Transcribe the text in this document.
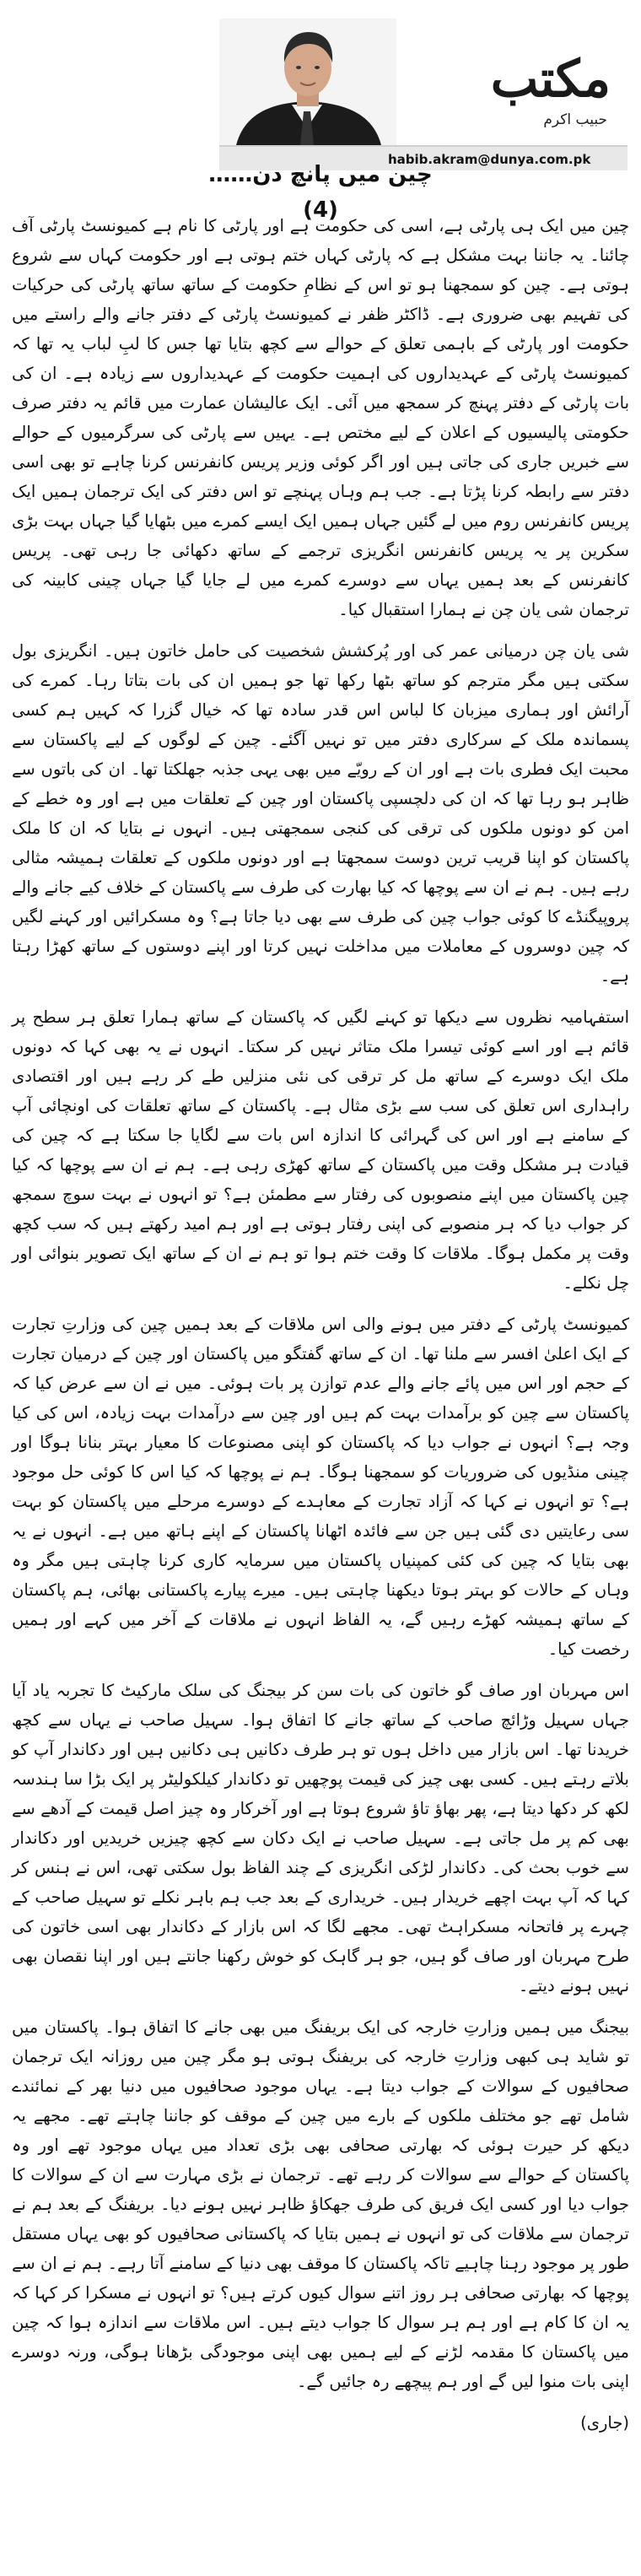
مکتب
حبیب اکرم
habib.akram@dunya.com.pk
چین میں پانچ دن……(4)

چین میں ایک ہی پارٹی ہے، اسی کی حکومت ہے اور پارٹی کا نام ہے کمیونسٹ پارٹی آف چائنا۔ یہ جاننا بہت مشکل ہے کہ پارٹی کہاں ختم ہوتی ہے اور حکومت کہاں سے شروع ہوتی ہے۔ چین کو سمجھنا ہو تو اس کے نظامِ حکومت کے ساتھ ساتھ پارٹی کی حرکیات کی تفہیم بھی ضروری ہے۔ ڈاکٹر ظفر نے کمیونسٹ پارٹی کے دفتر جانے والے راستے میں حکومت اور پارٹی کے باہمی تعلق کے حوالے سے کچھ بتایا تھا جس کا لبِ لباب یہ تھا کہ کمیونسٹ پارٹی کے عہدیداروں کی اہمیت حکومت کے عہدیداروں سے زیادہ ہے۔ ان کی بات پارٹی کے دفتر پہنچ کر سمجھ میں آئی۔ ایک عالیشان عمارت میں قائم یہ دفتر صرف حکومتی پالیسیوں کے اعلان کے لیے مختص ہے۔ یہیں سے پارٹی کی سرگرمیوں کے حوالے سے خبریں جاری کی جاتی ہیں اور اگر کوئی وزیر پریس کانفرنس کرنا چاہے تو بھی اسی دفتر سے رابطہ کرنا پڑتا ہے۔ جب ہم وہاں پہنچے تو اس دفتر کی ایک ترجمان ہمیں ایک پریس کانفرنس روم میں لے گئیں جہاں ہمیں ایک ایسے کمرے میں بٹھایا گیا جہاں بہت بڑی سکرین پر یہ پریس کانفرنس انگریزی ترجمے کے ساتھ دکھائی جا رہی تھی۔ پریس کانفرنس کے بعد ہمیں یہاں سے دوسرے کمرے میں لے جایا گیا جہاں چینی کابینہ کی ترجمان شی یان چن نے ہمارا استقبال کیا۔

شی یان چن درمیانی عمر کی اور پُرکشش شخصیت کی حامل خاتون ہیں۔ انگریزی بول سکتی ہیں مگر مترجم کو ساتھ بٹھا رکھا تھا جو ہمیں ان کی بات بتاتا رہا۔ کمرے کی آرائش اور ہماری میزبان کا لباس اس قدر سادہ تھا کہ خیال گزرا کہ کہیں ہم کسی پسماندہ ملک کے سرکاری دفتر میں تو نہیں آگئے۔ چین کے لوگوں کے لیے پاکستان سے محبت ایک فطری بات ہے اور ان کے رویّے میں بھی یہی جذبہ جھلکتا تھا۔ ان کی باتوں سے ظاہر ہو رہا تھا کہ ان کی دلچسپی پاکستان اور چین کے تعلقات میں ہے اور وہ خطے کے امن کو دونوں ملکوں کی ترقی کی کنجی سمجھتی ہیں۔ انہوں نے بتایا کہ ان کا ملک پاکستان کو اپنا قریب ترین دوست سمجھتا ہے اور دونوں ملکوں کے تعلقات ہمیشہ مثالی رہے ہیں۔ ہم نے ان سے پوچھا کہ کیا بھارت کی طرف سے پاکستان کے خلاف کیے جانے والے پروپیگنڈے کا کوئی جواب چین کی طرف سے بھی دیا جاتا ہے؟ وہ مسکرائیں اور کہنے لگیں کہ چین دوسروں کے معاملات میں مداخلت نہیں کرتا اور اپنے دوستوں کے ساتھ کھڑا رہتا ہے۔

استفہامیہ نظروں سے دیکھا تو کہنے لگیں کہ پاکستان کے ساتھ ہمارا تعلق ہر سطح پر قائم ہے اور اسے کوئی تیسرا ملک متاثر نہیں کر سکتا۔ انہوں نے یہ بھی کہا کہ دونوں ملک ایک دوسرے کے ساتھ مل کر ترقی کی نئی منزلیں طے کر رہے ہیں اور اقتصادی راہداری اس تعلق کی سب سے بڑی مثال ہے۔ پاکستان کے ساتھ تعلقات کی اونچائی آپ کے سامنے ہے اور اس کی گہرائی کا اندازہ اس بات سے لگایا جا سکتا ہے کہ چین کی قیادت ہر مشکل وقت میں پاکستان کے ساتھ کھڑی رہی ہے۔ ہم نے ان سے پوچھا کہ کیا چین پاکستان میں اپنے منصوبوں کی رفتار سے مطمئن ہے؟ تو انہوں نے بہت سوچ سمجھ کر جواب دیا کہ ہر منصوبے کی اپنی رفتار ہوتی ہے اور ہم امید رکھتے ہیں کہ سب کچھ وقت پر مکمل ہوگا۔ ملاقات کا وقت ختم ہوا تو ہم نے ان کے ساتھ ایک تصویر بنوائی اور چل نکلے۔

کمیونسٹ پارٹی کے دفتر میں ہونے والی اس ملاقات کے بعد ہمیں چین کی وزارتِ تجارت کے ایک اعلیٰ افسر سے ملنا تھا۔ ان کے ساتھ گفتگو میں پاکستان اور چین کے درمیان تجارت کے حجم اور اس میں پائے جانے والے عدم توازن پر بات ہوئی۔ میں نے ان سے عرض کیا کہ پاکستان سے چین کو برآمدات بہت کم ہیں اور چین سے درآمدات بہت زیادہ، اس کی کیا وجہ ہے؟ انہوں نے جواب دیا کہ پاکستان کو اپنی مصنوعات کا معیار بہتر بنانا ہوگا اور چینی منڈیوں کی ضروریات کو سمجھنا ہوگا۔ ہم نے پوچھا کہ کیا اس کا کوئی حل موجود ہے؟ تو انہوں نے کہا کہ آزاد تجارت کے معاہدے کے دوسرے مرحلے میں پاکستان کو بہت سی رعایتیں دی گئی ہیں جن سے فائدہ اٹھانا پاکستان کے اپنے ہاتھ میں ہے۔ انہوں نے یہ بھی بتایا کہ چین کی کئی کمپنیاں پاکستان میں سرمایہ کاری کرنا چاہتی ہیں مگر وہ وہاں کے حالات کو بہتر ہوتا دیکھنا چاہتی ہیں۔ میرے پیارے پاکستانی بھائی، ہم پاکستان کے ساتھ ہمیشہ کھڑے رہیں گے، یہ الفاظ انہوں نے ملاقات کے آخر میں کہے اور ہمیں رخصت کیا۔

اس مہربان اور صاف گو خاتون کی بات سن کر بیجنگ کی سلک مارکیٹ کا تجربہ یاد آیا جہاں سہیل وڑائچ صاحب کے ساتھ جانے کا اتفاق ہوا۔ سہیل صاحب نے یہاں سے کچھ خریدنا تھا۔ اس بازار میں داخل ہوں تو ہر طرف دکانیں ہی دکانیں ہیں اور دکاندار آپ کو بلاتے رہتے ہیں۔ کسی بھی چیز کی قیمت پوچھیں تو دکاندار کیلکولیٹر پر ایک بڑا سا ہندسہ لکھ کر دکھا دیتا ہے، پھر بھاؤ تاؤ شروع ہوتا ہے اور آخرکار وہ چیز اصل قیمت کے آدھے سے بھی کم پر مل جاتی ہے۔ سہیل صاحب نے ایک دکان سے کچھ چیزیں خریدیں اور دکاندار سے خوب بحث کی۔ دکاندار لڑکی انگریزی کے چند الفاظ بول سکتی تھی، اس نے ہنس کر کہا کہ آپ بہت اچھے خریدار ہیں۔ خریداری کے بعد جب ہم باہر نکلے تو سہیل صاحب کے چہرے پر فاتحانہ مسکراہٹ تھی۔ مجھے لگا کہ اس بازار کے دکاندار بھی اسی خاتون کی طرح مہربان اور صاف گو ہیں، جو ہر گاہک کو خوش رکھنا جانتے ہیں اور اپنا نقصان بھی نہیں ہونے دیتے۔

بیجنگ میں ہمیں وزارتِ خارجہ کی ایک بریفنگ میں بھی جانے کا اتفاق ہوا۔ پاکستان میں تو شاید ہی کبھی وزارتِ خارجہ کی بریفنگ ہوتی ہو مگر چین میں روزانہ ایک ترجمان صحافیوں کے سوالات کے جواب دیتا ہے۔ یہاں موجود صحافیوں میں دنیا بھر کے نمائندے شامل تھے جو مختلف ملکوں کے بارے میں چین کے موقف کو جاننا چاہتے تھے۔ مجھے یہ دیکھ کر حیرت ہوئی کہ بھارتی صحافی بھی بڑی تعداد میں یہاں موجود تھے اور وہ پاکستان کے حوالے سے سوالات کر رہے تھے۔ ترجمان نے بڑی مہارت سے ان کے سوالات کا جواب دیا اور کسی ایک فریق کی طرف جھکاؤ ظاہر نہیں ہونے دیا۔ بریفنگ کے بعد ہم نے ترجمان سے ملاقات کی تو انہوں نے ہمیں بتایا کہ پاکستانی صحافیوں کو بھی یہاں مستقل طور پر موجود رہنا چاہیے تاکہ پاکستان کا موقف بھی دنیا کے سامنے آتا رہے۔ ہم نے ان سے پوچھا کہ بھارتی صحافی ہر روز اتنے سوال کیوں کرتے ہیں؟ تو انہوں نے مسکرا کر کہا کہ یہ ان کا کام ہے اور ہم ہر سوال کا جواب دیتے ہیں۔ اس ملاقات سے اندازہ ہوا کہ چین میں پاکستان کا مقدمہ لڑنے کے لیے ہمیں بھی اپنی موجودگی بڑھانا ہوگی، ورنہ دوسرے اپنی بات منوا لیں گے اور ہم پیچھے رہ جائیں گے۔

(جاری)
